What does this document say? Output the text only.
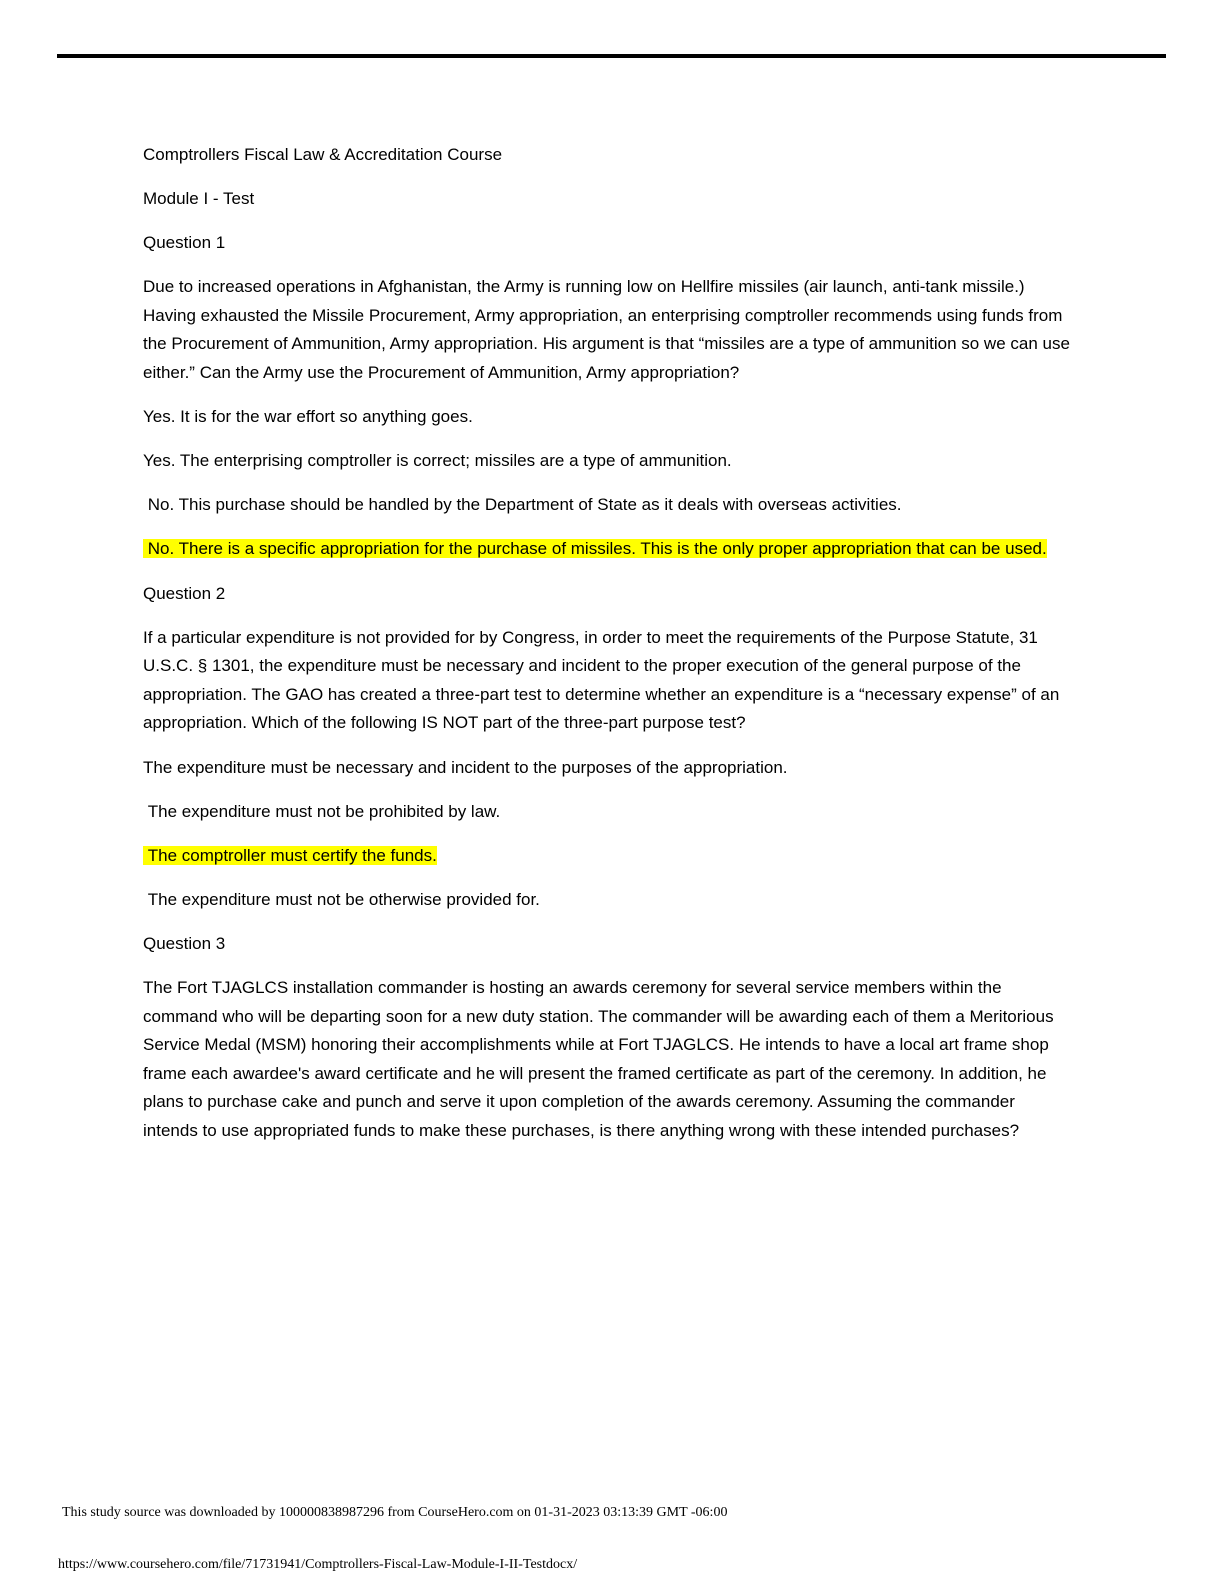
Comptrollers Fiscal Law & Accreditation Course

Module I - Test

Question 1

Due to increased operations in Afghanistan, the Army is running low on Hellfire missiles (air launch, anti-tank missile.) Having exhausted the Missile Procurement, Army appropriation, an enterprising comptroller recommends using funds from the Procurement of Ammunition, Army appropriation. His argument is that “missiles are a type of ammunition so we can use either.” Can the Army use the Procurement of Ammunition, Army appropriation?

Yes. It is for the war effort so anything goes.

Yes. The enterprising comptroller is correct; missiles are a type of ammunition.

No. This purchase should be handled by the Department of State as it deals with overseas activities.

No. There is a specific appropriation for the purchase of missiles. This is the only proper appropriation that can be used.

Question 2

If a particular expenditure is not provided for by Congress, in order to meet the requirements of the Purpose Statute, 31 U.S.C. § 1301, the expenditure must be necessary and incident to the proper execution of the general purpose of the appropriation. The GAO has created a three-part test to determine whether an expenditure is a “necessary expense” of an appropriation. Which of the following IS NOT part of the three-part purpose test?

The expenditure must be necessary and incident to the purposes of the appropriation.

The expenditure must not be prohibited by law.

The comptroller must certify the funds.

The expenditure must not be otherwise provided for.

Question 3

The Fort TJAGLCS installation commander is hosting an awards ceremony for several service members within the command who will be departing soon for a new duty station. The commander will be awarding each of them a Meritorious Service Medal (MSM) honoring their accomplishments while at Fort TJAGLCS. He intends to have a local art frame shop frame each awardee's award certificate and he will present the framed certificate as part of the ceremony. In addition, he plans to purchase cake and punch and serve it upon completion of the awards ceremony. Assuming the commander intends to use appropriated funds to make these purchases, is there anything wrong with these intended purchases?

This study source was downloaded by 100000838987296 from CourseHero.com on 01-31-2023 03:13:39 GMT -06:00
https://www.coursehero.com/file/71731941/Comptrollers-Fiscal-Law-Module-I-II-Testdocx/
